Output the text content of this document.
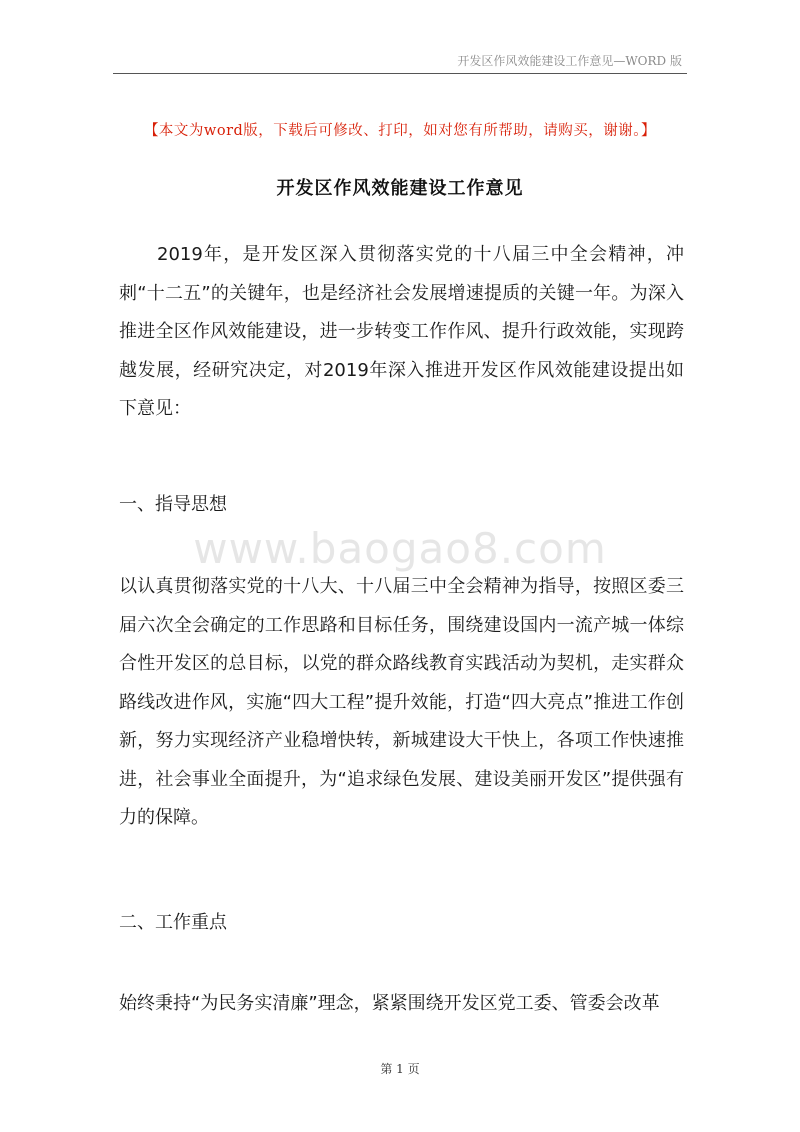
开发区作风效能建设工作意见—WORD 版
【本文为word版，下载后可修改、打印，如对您有所帮助，请购买，谢谢。】
开发区作风效能建设工作意见

2019年，是开发区深入贯彻落实党的十八届三中全会精神，冲刺“十二五”的关键年，也是经济社会发展增速提质的关键一年。为深入推进全区作风效能建设，进一步转变工作作风、提升行政效能，实现跨越发展，经研究决定，对2019年深入推进开发区作风效能建设提出如下意见：

一、指导思想
www.baogao8.com

以认真贯彻落实党的十八大、十八届三中全会精神为指导，按照区委三届六次全会确定的工作思路和目标任务，围绕建设国内一流产城一体综合性开发区的总目标，以党的群众路线教育实践活动为契机，走实群众路线改进作风，实施“四大工程”提升效能，打造“四大亮点”推进工作创新，努力实现经济产业稳增快转，新城建设大干快上，各项工作快速推进，社会事业全面提升，为“追求绿色发展、建设美丽开发区”提供强有力的保障。

二、工作重点

始终秉持“为民务实清廉”理念，紧紧围绕开发区党工委、管委会改革

第 1 页
